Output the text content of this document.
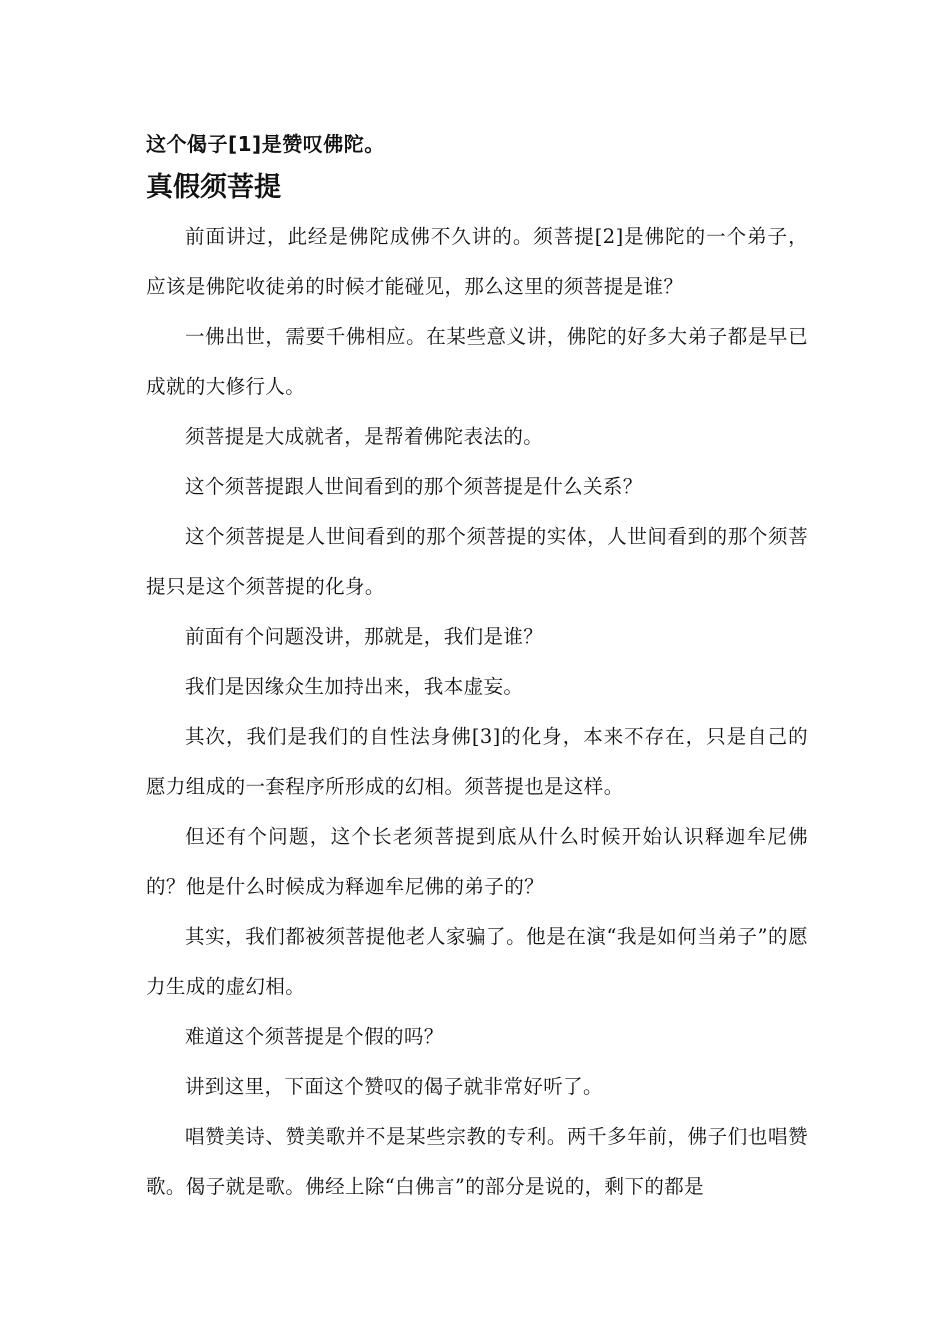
这个偈子[1]是赞叹佛陀。

真假须菩提

前面讲过，此经是佛陀成佛不久讲的。须菩提[2]是佛陀的一个弟子，应该是佛陀收徒弟的时候才能碰见，那么这里的须菩提是谁？

一佛出世，需要千佛相应。在某些意义讲，佛陀的好多大弟子都是早已成就的大修行人。

须菩提是大成就者，是帮着佛陀表法的。

这个须菩提跟人世间看到的那个须菩提是什么关系？

这个须菩提是人世间看到的那个须菩提的实体，人世间看到的那个须菩提只是这个须菩提的化身。

前面有个问题没讲，那就是，我们是谁？

我们是因缘众生加持出来，我本虚妄。

其次，我们是我们的自性法身佛[3]的化身，本来不存在，只是自己的愿力组成的一套程序所形成的幻相。须菩提也是这样。

但还有个问题，这个长老须菩提到底从什么时候开始认识释迦牟尼佛的？他是什么时候成为释迦牟尼佛的弟子的？

其实，我们都被须菩提他老人家骗了。他是在演“我是如何当弟子”的愿力生成的虚幻相。

难道这个须菩提是个假的吗？

讲到这里，下面这个赞叹的偈子就非常好听了。

唱赞美诗、赞美歌并不是某些宗教的专利。两千多年前，佛子们也唱赞歌。偈子就是歌。佛经上除“白佛言”的部分是说的，剩下的都是
